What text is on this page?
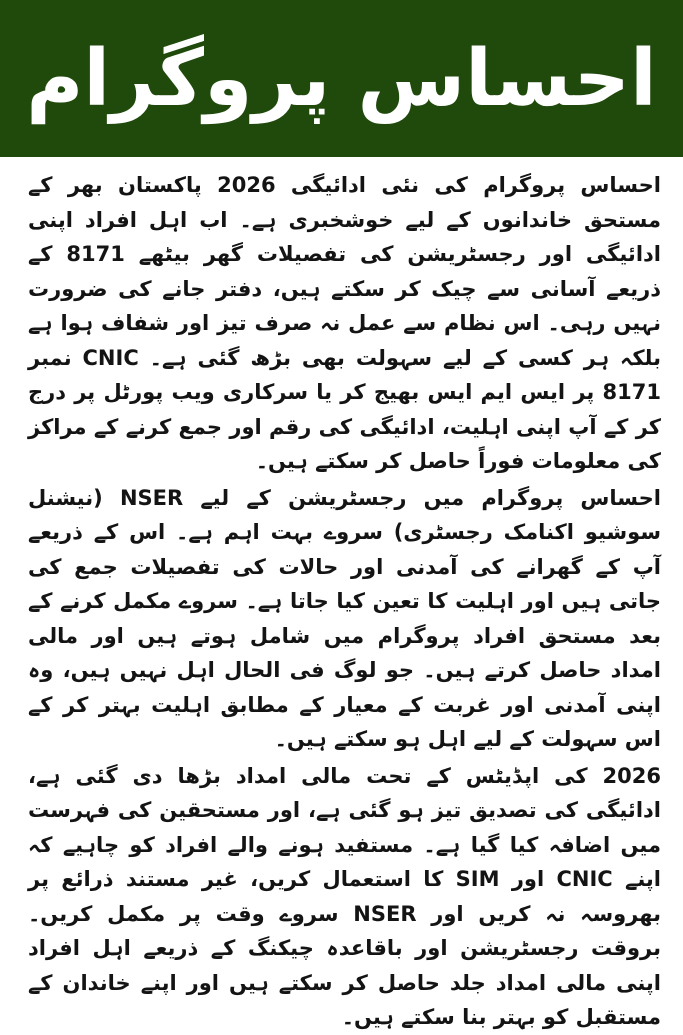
احساس پروگرام

احساس پروگرام کی نئی ادائیگی 2026 پاکستان بھر کے مستحق خاندانوں کے لیے خوشخبری ہے۔ اب اہل افراد اپنی ادائیگی اور رجسٹریشن کی تفصیلات گھر بیٹھے 8171 کے ذریعے آسانی سے چیک کر سکتے ہیں، دفتر جانے کی ضرورت نہیں رہی۔ اس نظام سے عمل نہ صرف تیز اور شفاف ہوا ہے بلکہ ہر کسی کے لیے سہولت بھی بڑھ گئی ہے۔ CNIC نمبر 8171 پر ایس ایم ایس بھیج کر یا سرکاری ویب پورٹل پر درج کر کے آپ اپنی اہلیت، ادائیگی کی رقم اور جمع کرنے کے مراکز کی معلومات فوراً حاصل کر سکتے ہیں۔

احساس پروگرام میں رجسٹریشن کے لیے NSER (نیشنل سوشیو اکنامک رجسٹری) سروے بہت اہم ہے۔ اس کے ذریعے آپ کے گھرانے کی آمدنی اور حالات کی تفصیلات جمع کی جاتی ہیں اور اہلیت کا تعین کیا جاتا ہے۔ سروے مکمل کرنے کے بعد مستحق افراد پروگرام میں شامل ہوتے ہیں اور مالی امداد حاصل کرتے ہیں۔ جو لوگ فی الحال اہل نہیں ہیں، وہ اپنی آمدنی اور غربت کے معیار کے مطابق اہلیت بہتر کر کے اس سہولت کے لیے اہل ہو سکتے ہیں۔

2026 کی اپڈیٹس کے تحت مالی امداد بڑھا دی گئی ہے، ادائیگی کی تصدیق تیز ہو گئی ہے، اور مستحقین کی فہرست میں اضافہ کیا گیا ہے۔ مستفید ہونے والے افراد کو چاہیے کہ اپنے CNIC اور SIM کا استعمال کریں، غیر مستند ذرائع پر بھروسہ نہ کریں اور NSER سروے وقت پر مکمل کریں۔ بروقت رجسٹریشن اور باقاعدہ چیکنگ کے ذریعے اہل افراد اپنی مالی امداد جلد حاصل کر سکتے ہیں اور اپنے خاندان کے مستقبل کو بہتر بنا سکتے ہیں۔
